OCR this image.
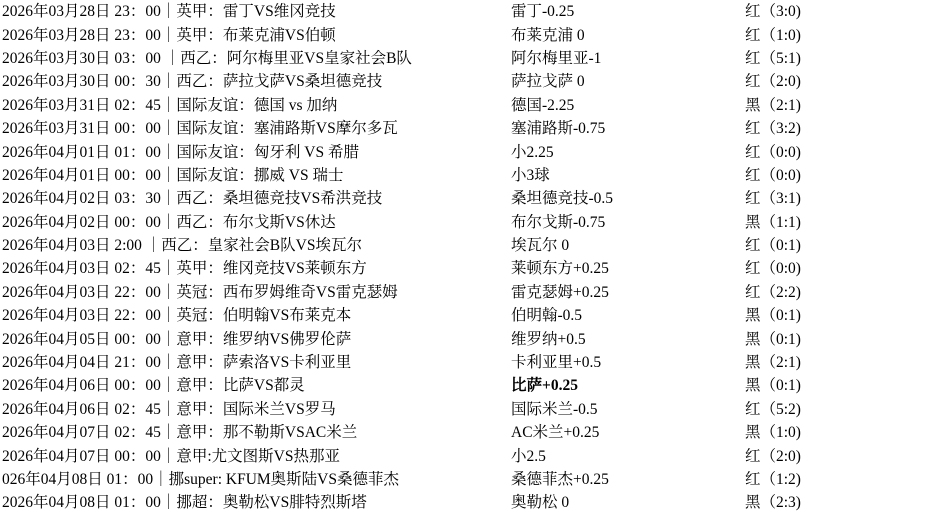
2026年03月28日 23：00｜英甲：雷丁VS维冈竞技	雷丁-0.25	红（3:0)
2026年03月28日 23：00｜英甲：布莱克浦VS伯顿	布莱克浦 0	红（1:0)
2026年03月30日 03：00 ｜西乙：阿尔梅里亚VS皇家社会B队	阿尔梅里亚-1	红（5:1)
2026年03月30日 00：30｜西乙：萨拉戈萨VS桑坦德竞技	萨拉戈萨 0	红（2:0)
2026年03月31日 02：45｜国际友谊：德国 vs 加纳	德国-2.25	黑（2:1)
2026年03月31日 00：00｜国际友谊：塞浦路斯VS摩尔多瓦	塞浦路斯-0.75	红（3:2)
2026年04月01日 01：00｜国际友谊：匈牙利 VS 希腊	小2.25	红（0:0)
2026年04月01日 00：00｜国际友谊：挪威 VS 瑞士	小3球	红（0:0)
2026年04月02日 03：30｜西乙：桑坦德竞技VS希洪竞技	桑坦德竞技-0.5	红（3:1)
2026年04月02日 00：00｜西乙：布尔戈斯VS休达	布尔戈斯-0.75	黑（1:1)
2026年04月03日 2:00 ｜西乙：皇家社会B队VS埃瓦尔	埃瓦尔 0	红（0:1)
2026年04月03日 02：45｜英甲：维冈竞技VS莱顿东方	莱顿东方+0.25	红（0:0)
2026年04月03日 22：00｜英冠：西布罗姆维奇VS雷克瑟姆	雷克瑟姆+0.25	红（2:2)
2026年04月03日 22：00｜英冠：伯明翰VS布莱克本	伯明翰-0.5	黑（0:1)
2026年04月05日 00：00｜意甲：维罗纳VS佛罗伦萨	维罗纳+0.5	黑（0:1)
2026年04月04日 21：00｜意甲：萨索洛VS卡利亚里	卡利亚里+0.5	黑（2:1)
2026年04月06日 00：00｜意甲：比萨VS都灵	比萨+0.25	黑（0:1)
2026年04月06日 02：45｜意甲：国际米兰VS罗马	国际米兰-0.5	红（5:2)
2026年04月07日 02：45｜意甲：那不勒斯VSAC米兰	AC米兰+0.25	黑（1:0)
2026年04月07日 00：00｜意甲:尤文图斯VS热那亚	小2.5	红（2:0)
026年04月08日 01：00｜挪super: KFUM奥斯陆VS桑德菲杰	桑德菲杰+0.25	红（1:2)
2026年04月08日 01：00｜挪超：奥勒松VS腓特烈斯塔	奥勒松 0	黑（2:3)
